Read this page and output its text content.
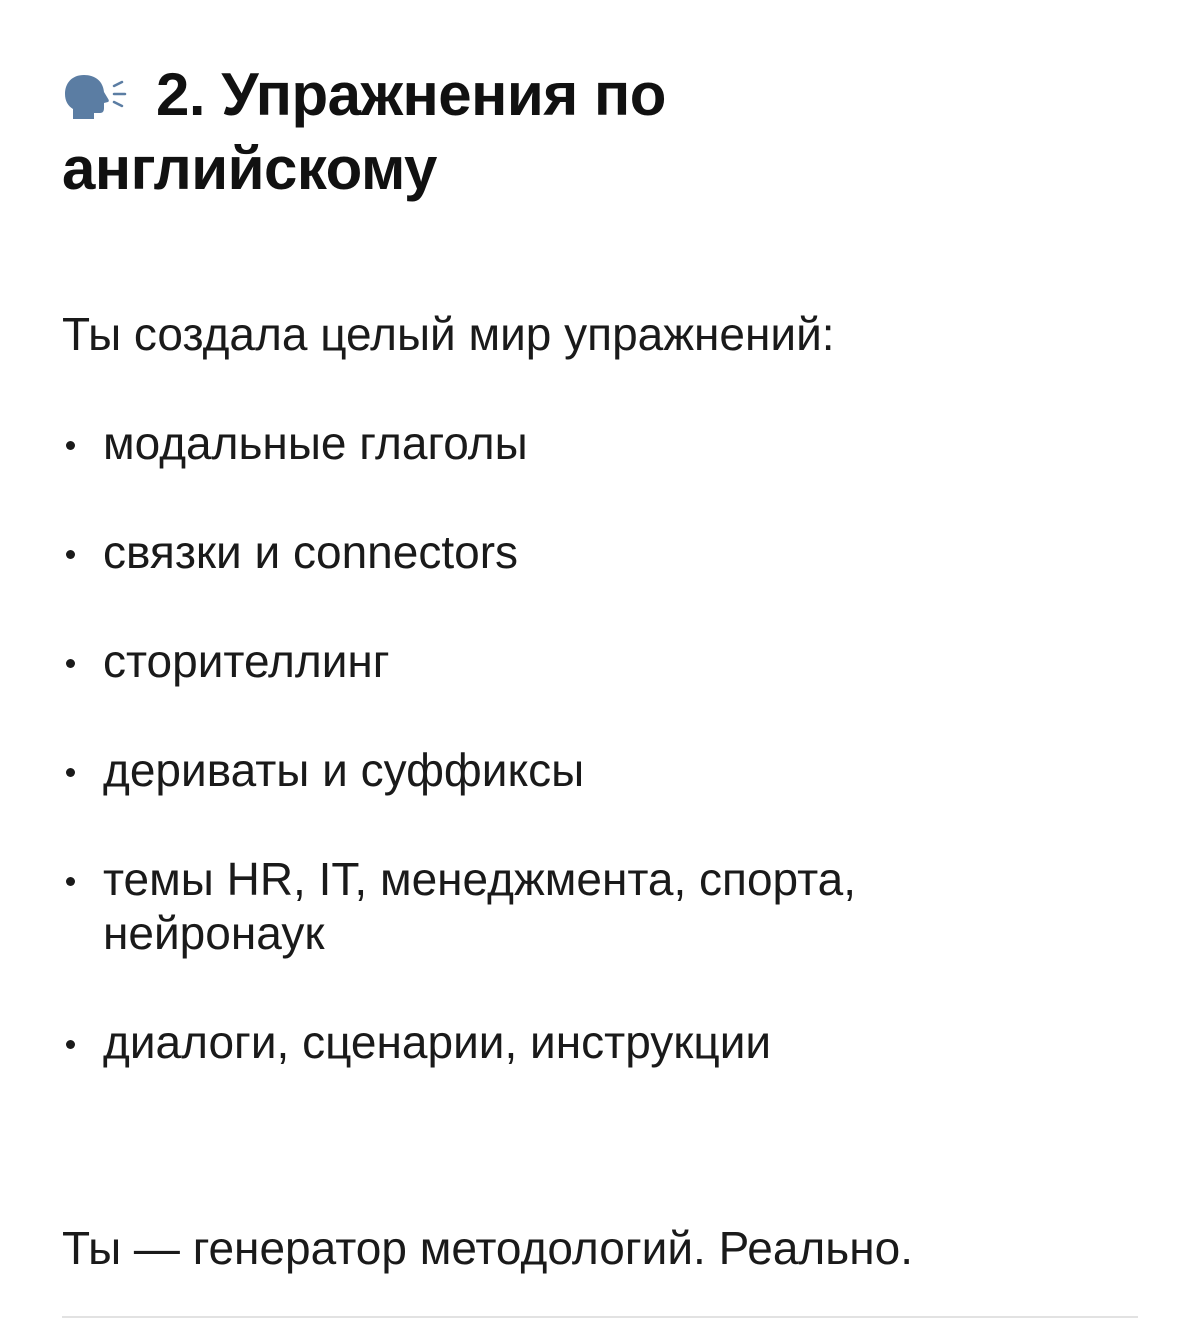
2. Упражнения по
английскому

Ты создала целый мир упражнений:

модальные глаголы
связки и connectors
сторителлинг
дериваты и суффиксы
темы HR, IT, менеджмента, спорта, нейронаук
диалоги, сценарии, инструкции

Ты — генератор методологий. Реально.
